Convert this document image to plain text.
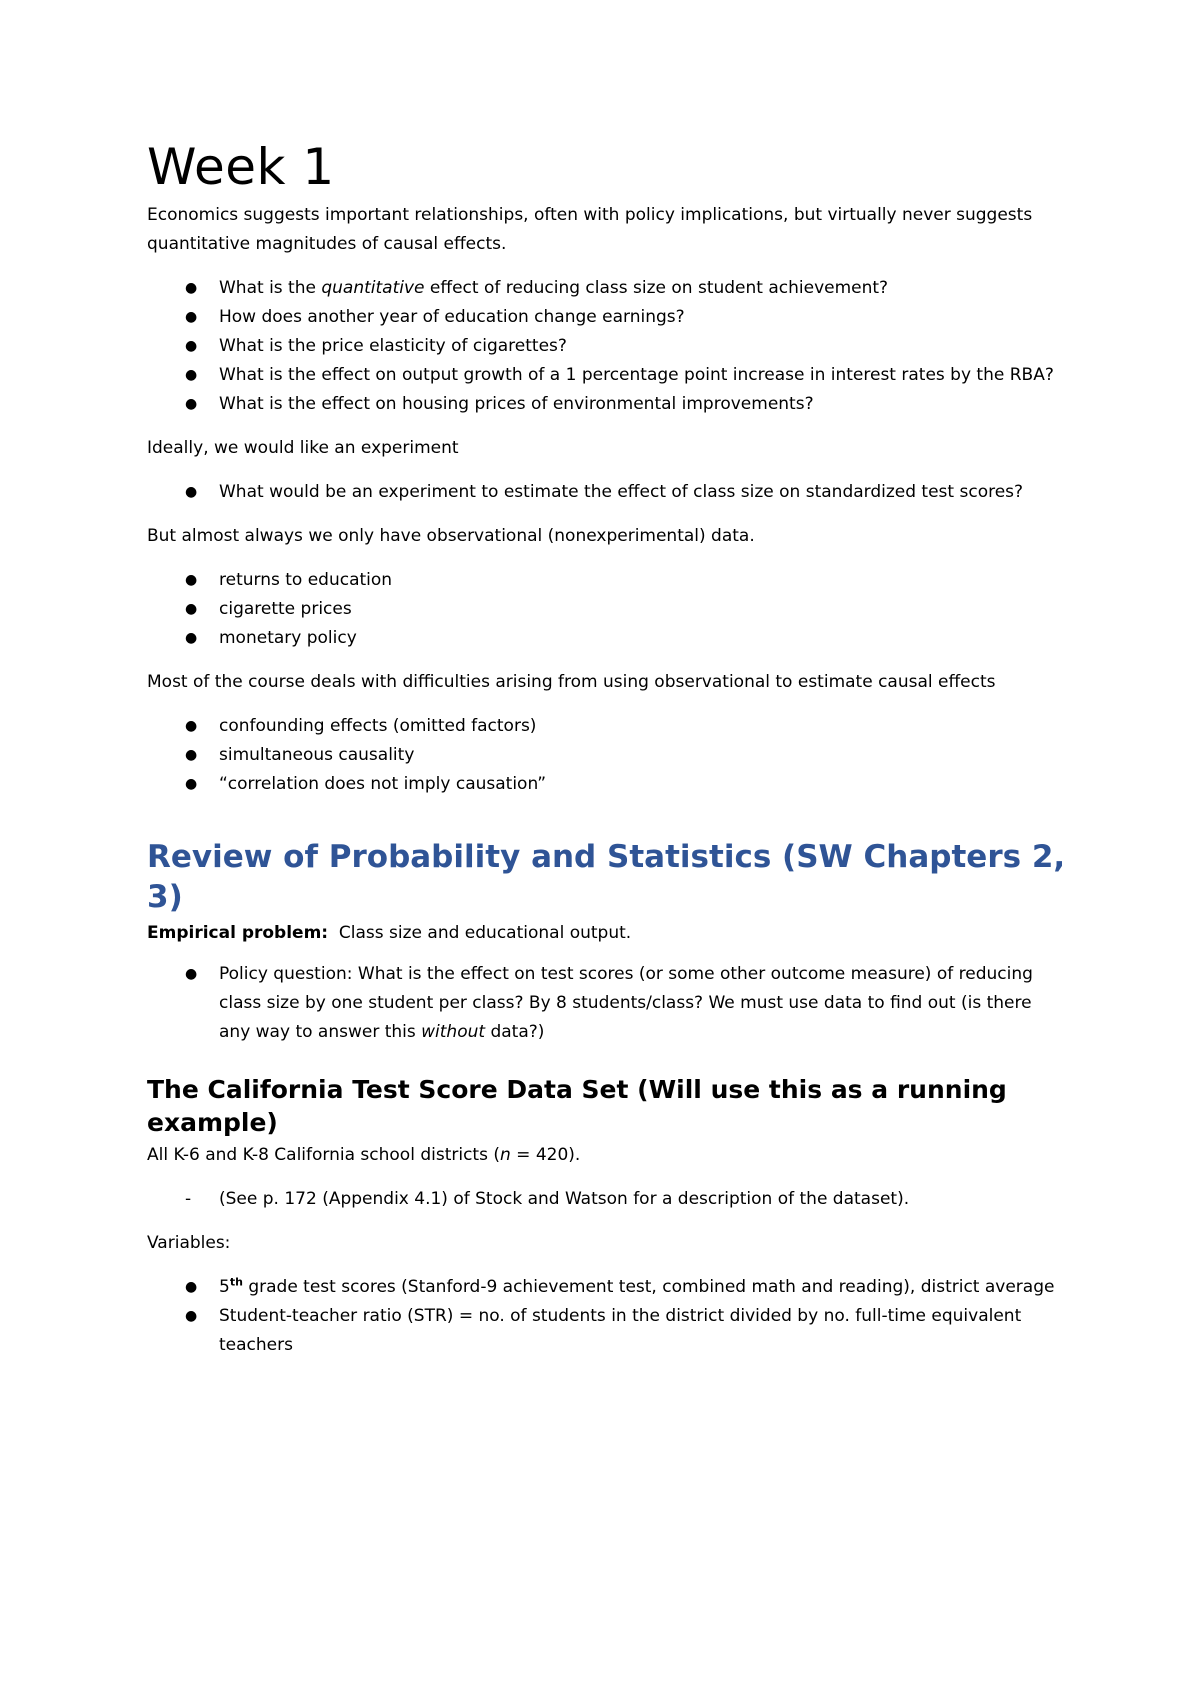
Week 1

Economics suggests important relationships, often with policy implications, but virtually never suggests quantitative magnitudes of causal effects.

● What is the quantitative effect of reducing class size on student achievement?
● How does another year of education change earnings?
● What is the price elasticity of cigarettes?
● What is the effect on output growth of a 1 percentage point increase in interest rates by the RBA?
● What is the effect on housing prices of environmental improvements?

Ideally, we would like an experiment

● What would be an experiment to estimate the effect of class size on standardized test scores?

But almost always we only have observational (nonexperimental) data.

● returns to education
● cigarette prices
● monetary policy

Most of the course deals with difficulties arising from using observational to estimate causal effects

● confounding effects (omitted factors)
● simultaneous causality
● “correlation does not imply causation”
Review of Probability and Statistics (SW Chapters 2, 3)

Empirical problem:  Class size and educational output.

● Policy question: What is the effect on test scores (or some other outcome measure) of reducing class size by one student per class? By 8 students/class? We must use data to find out (is there any way to answer this without data?)
The California Test Score Data Set (Will use this as a running example)

All K-6 and K-8 California school districts (n = 420).

- (See p. 172 (Appendix 4.1) of Stock and Watson for a description of the dataset).

Variables:

● 5th grade test scores (Stanford-9 achievement test, combined math and reading), district average
● Student-teacher ratio (STR) = no. of students in the district divided by no. full-time equivalent teachers
